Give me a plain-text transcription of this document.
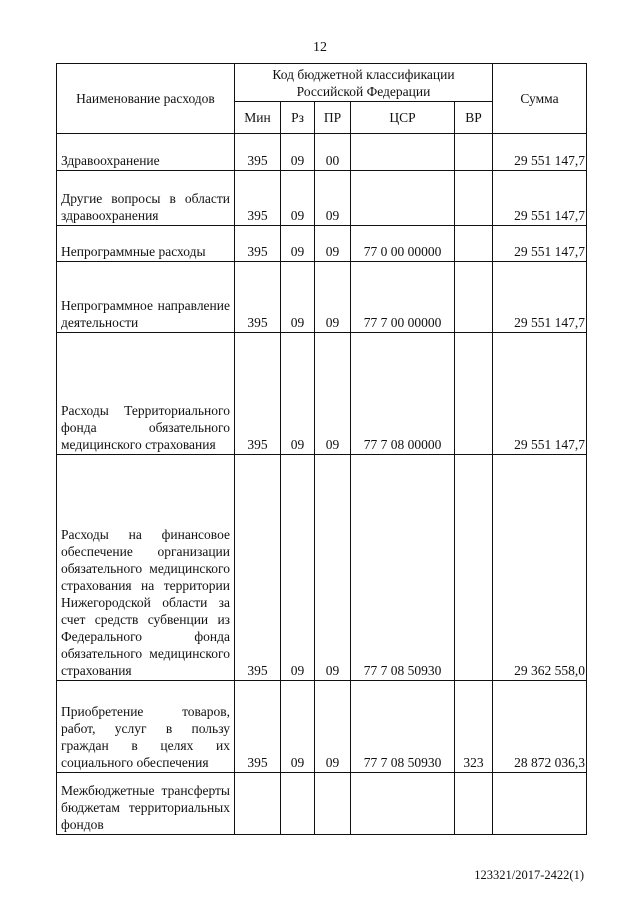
12
Наименование расходов	Код бюджетной классификации Российской Федерации					Сумма
	Мин	Рз	ПР	ЦСР	ВР	
Здравоохранение	395	09	00			29 551 147,7
Другие вопросы в области здравоохранения	395	09	09			29 551 147,7
Непрограммные расходы	395	09	09	77 0 00 00000		29 551 147,7
Непрограммное направление деятельности	395	09	09	77 7 00 00000		29 551 147,7
Расходы Территориального фонда обязательного медицинского страхования	395	09	09	77 7 08 00000		29 551 147,7
Расходы на финансовое обеспечение организации обязательного медицинского страхования на территории Нижегородской области за счет средств субвенции из Федерального фонда обязательного медицинского страхования	395	09	09	77 7 08 50930		29 362 558,0
Приобретение товаров, работ, услуг в пользу граждан в целях их социального обеспечения	395	09	09	77 7 08 50930	323	28 872 036,3
Межбюджетные трансферты бюджетам территориальных фондов						
123321/2017-2422(1)
